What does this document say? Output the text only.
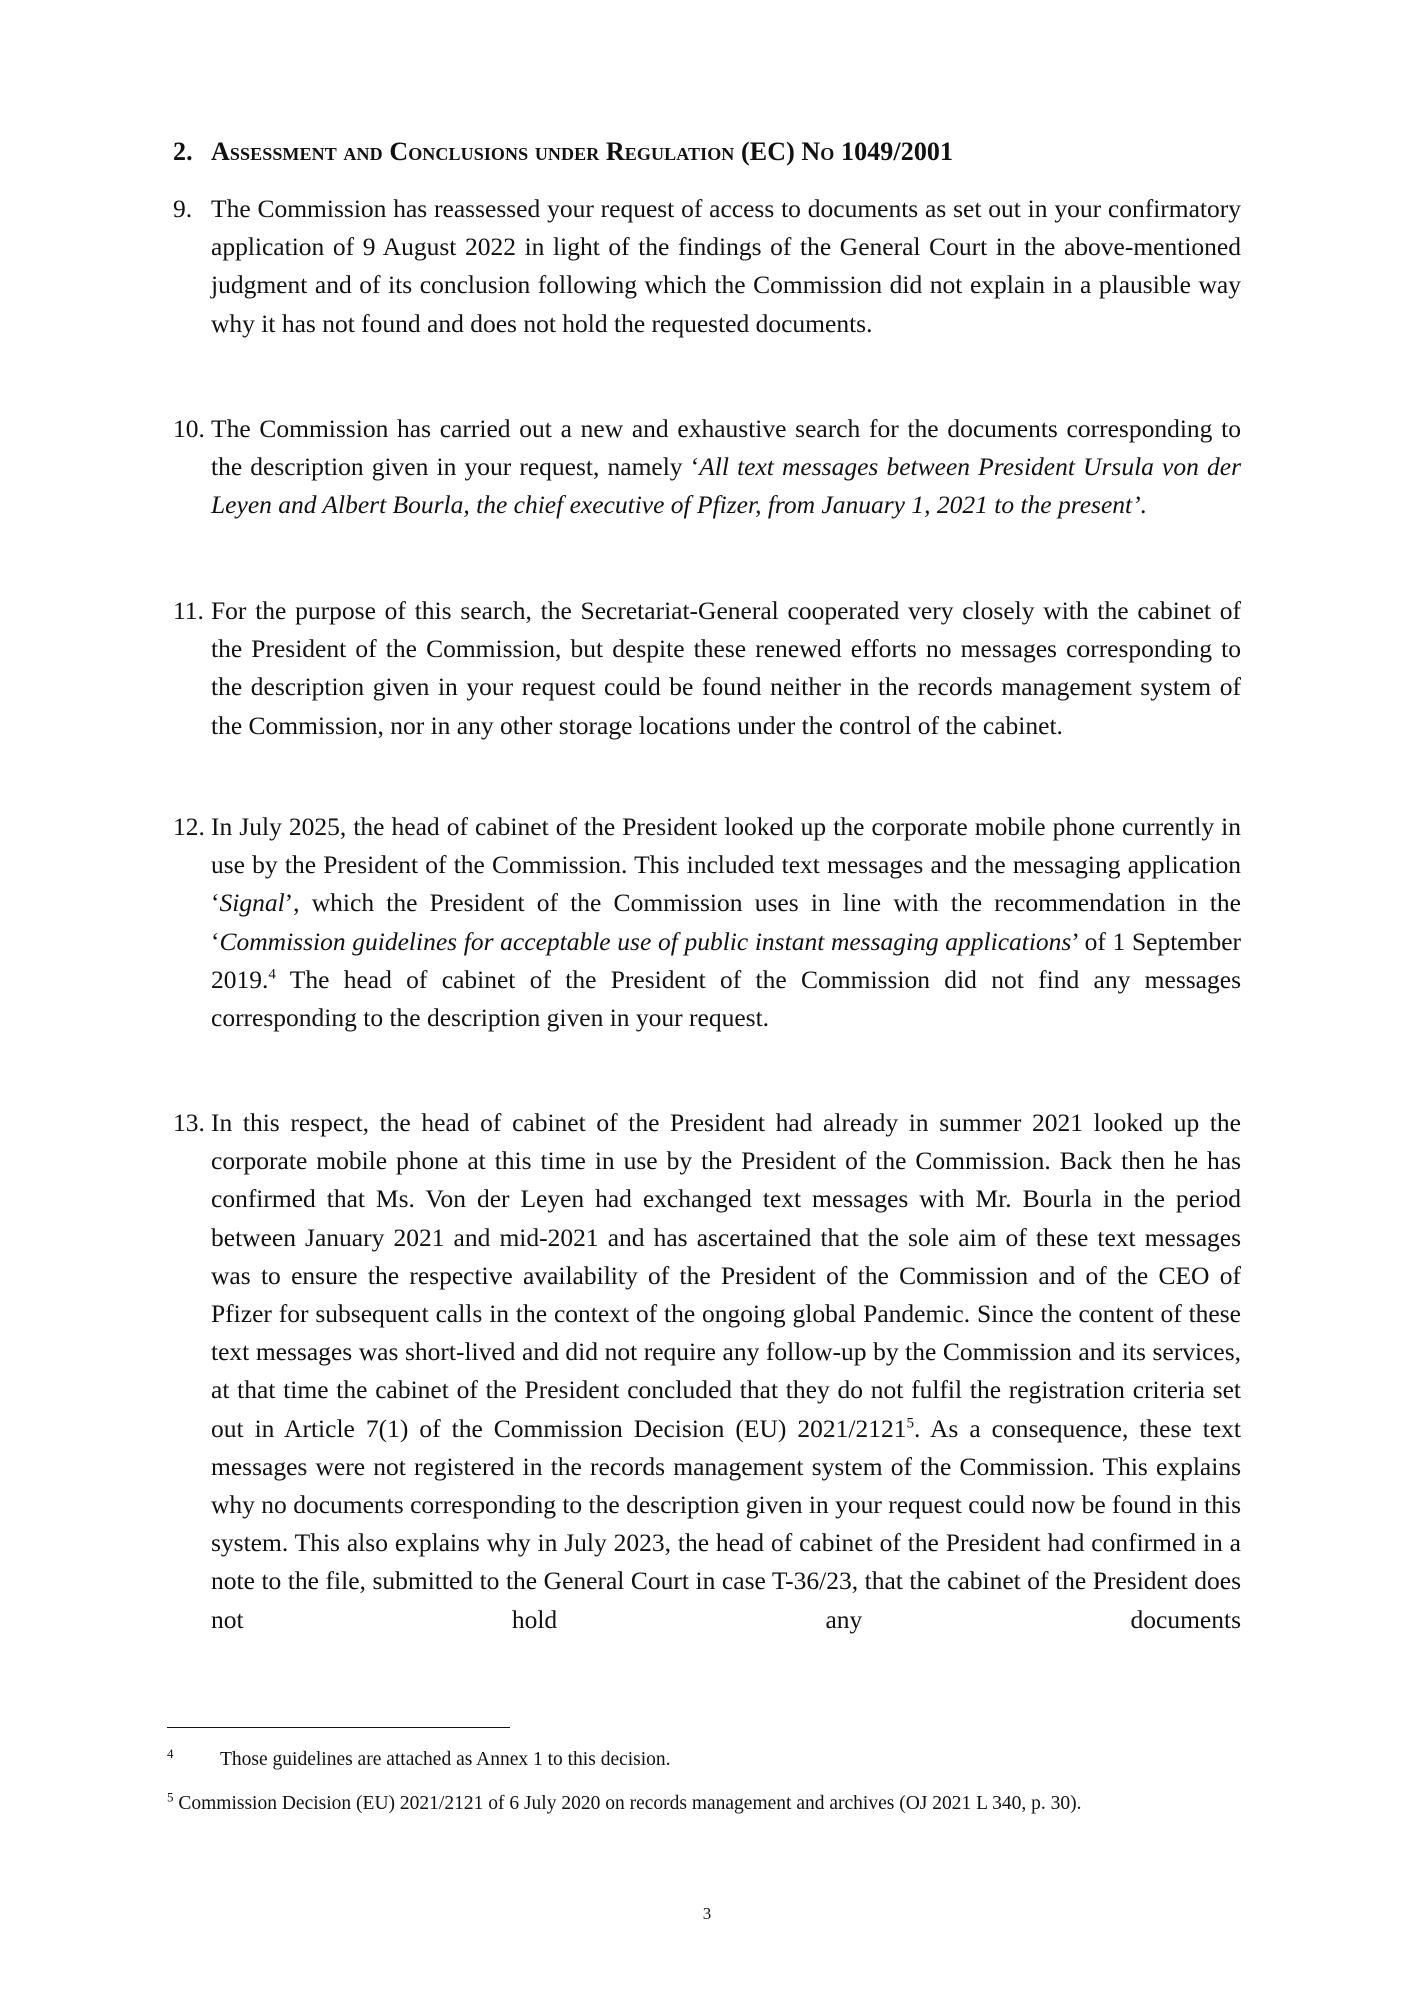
2. Assessment and Conclusions under Regulation (EC) No 1049/2001
9. The Commission has reassessed your request of access to documents as set out in your confirmatory application of 9 August 2022 in light of the findings of the General Court in the above-mentioned judgment and of its conclusion following which the Commission did not explain in a plausible way why it has not found and does not hold the requested documents.
10. The Commission has carried out a new and exhaustive search for the documents corresponding to the description given in your request, namely ‘All text messages between President Ursula von der Leyen and Albert Bourla, the chief executive of Pfizer, from January 1, 2021 to the present’.
11. For the purpose of this search, the Secretariat-General cooperated very closely with the cabinet of the President of the Commission, but despite these renewed efforts no messages corresponding to the description given in your request could be found neither in the records management system of the Commission, nor in any other storage locations under the control of the cabinet.
12. In July 2025, the head of cabinet of the President looked up the corporate mobile phone currently in use by the President of the Commission. This included text messages and the messaging application ‘Signal’, which the President of the Commission uses in line with the recommendation in the ‘Commission guidelines for acceptable use of public instant messaging applications’ of 1 September 2019.$^4$ The head of cabinet of the President of the Commission did not find any messages corresponding to the description given in your request.
13. In this respect, the head of cabinet of the President had already in summer 2021 looked up the corporate mobile phone at this time in use by the President of the Commission. Back then he has confirmed that Ms. Von der Leyen had exchanged text messages with Mr. Bourla in the period between January 2021 and mid-2021 and has ascertained that the sole aim of these text messages was to ensure the respective availability of the President of the Commission and of the CEO of Pfizer for subsequent calls in the context of the ongoing global Pandemic. Since the content of these text messages was short-lived and did not require any follow-up by the Commission and its services, at that time the cabinet of the President concluded that they do not fulfil the registration criteria set out in Article 7(1) of the Commission Decision (EU) 2021/2121$^5$. As a consequence, these text messages were not registered in the records management system of the Commission. This explains why no documents corresponding to the description given in your request could now be found in this system. This also explains why in July 2023, the head of cabinet of the President had confirmed in a note to the file, submitted to the General Court in case T-36/23, that the cabinet of the President does not hold any documents
4 Those guidelines are attached as Annex 1 to this decision.
$^5$ Commission Decision (EU) 2021/2121 of 6 July 2020 on records management and archives (OJ 2021 L 340, p. 30).
3
